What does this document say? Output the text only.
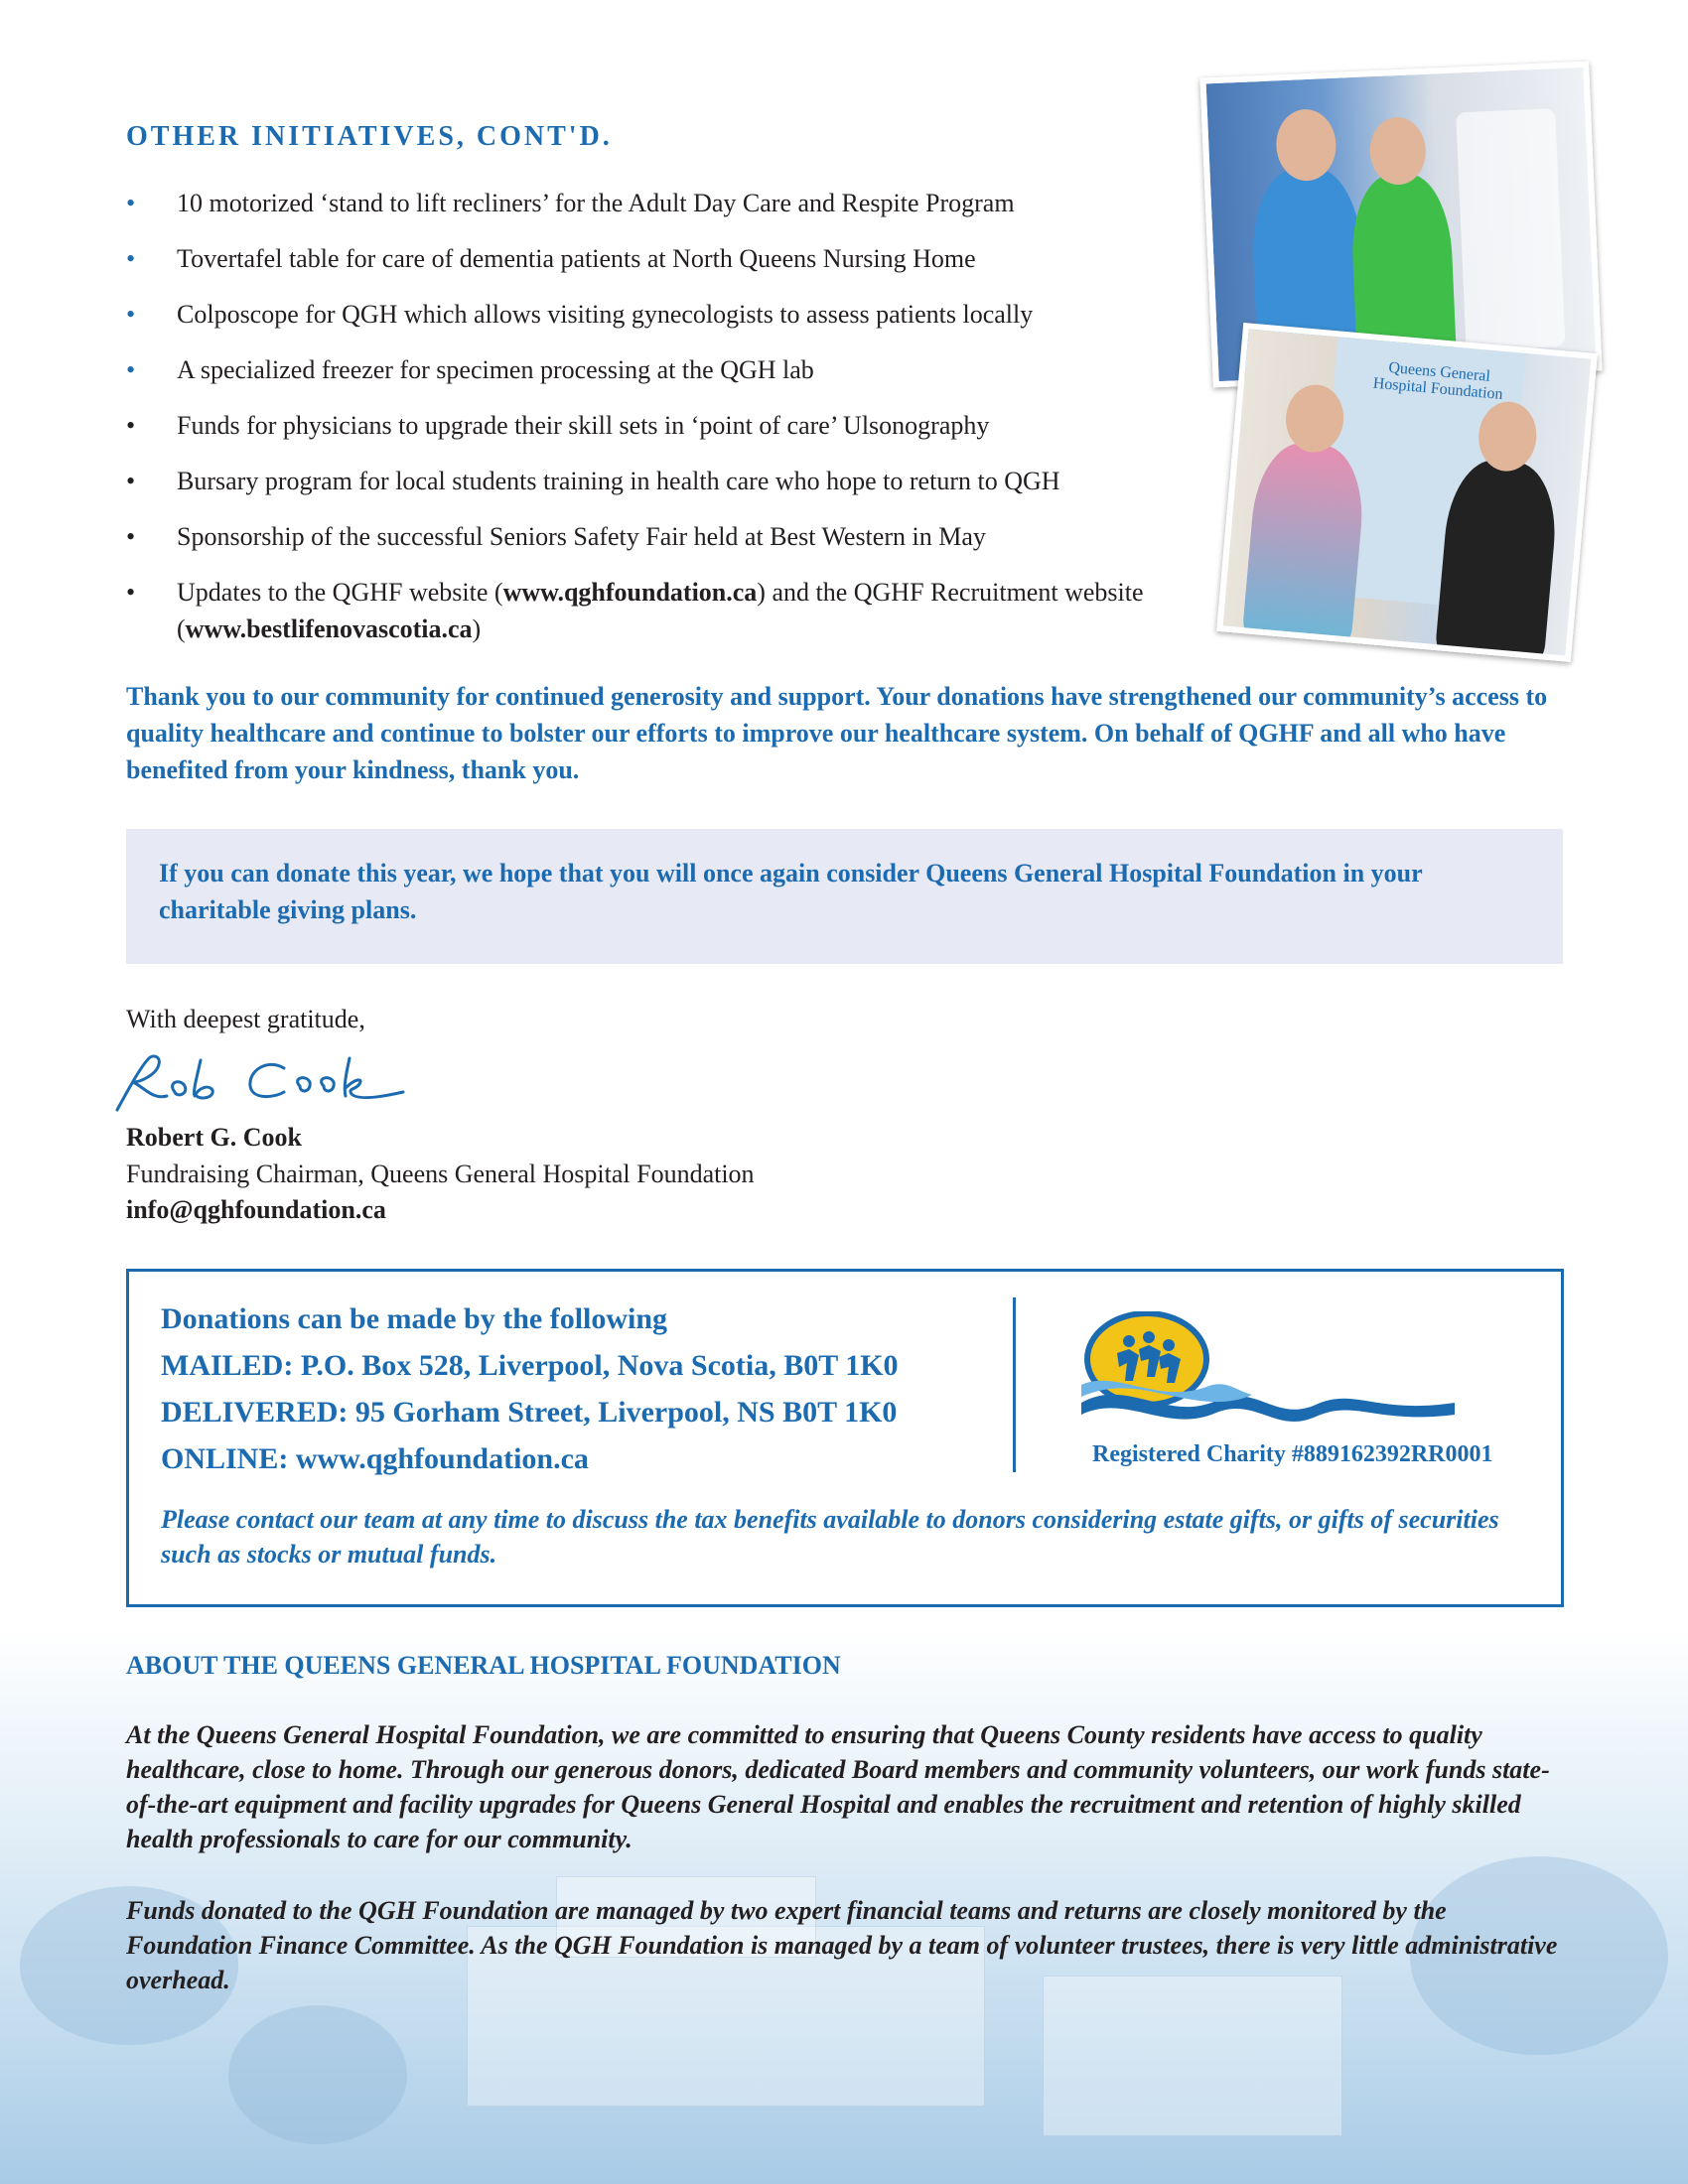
OTHER INITIATIVES, CONT'D.
• 10 motorized ‘stand to lift recliners’ for the Adult Day Care and Respite Program
• Tovertafel table for care of dementia patients at North Queens Nursing Home
• Colposcope for QGH which allows visiting gynecologists to assess patients locally
• A specialized freezer for specimen processing at the QGH lab
• Funds for physicians to upgrade their skill sets in ‘point of care’ Ulsonography
• Bursary program for local students training in health care who hope to return to QGH
• Sponsorship of the successful Seniors Safety Fair held at Best Western in May
• Updates to the QGHF website (www.qghfoundation.ca) and the QGHF Recruitment website (www.bestlifenovascotia.ca)
Queens General Hospital Foundation
Thank you to our community for continued generosity and support. Your donations have strengthened our community’s access to quality healthcare and continue to bolster our efforts to improve our healthcare system. On behalf of QGHF and all who have benefited from your kindness, thank you.

If you can donate this year, we hope that you will once again consider Queens General Hospital Foundation in your charitable giving plans.

With deepest gratitude,
Robert G. Cook
Fundraising Chairman, Queens General Hospital Foundation
info@qghfoundation.ca
Donations can be made by the following
MAILED: P.O. Box 528, Liverpool, Nova Scotia, B0T 1K0
DELIVERED: 95 Gorham Street, Liverpool, NS B0T 1K0
ONLINE: www.qghfoundation.ca	Registered Charity #889162392RR0001
Please contact our team at any time to discuss the tax benefits available to donors considering estate gifts, or gifts of securities such as stocks or mutual funds.
ABOUT THE QUEENS GENERAL HOSPITAL FOUNDATION

At the Queens General Hospital Foundation, we are committed to ensuring that Queens County residents have access to quality healthcare, close to home. Through our generous donors, dedicated Board members and community volunteers, our work funds state-of-the-art equipment and facility upgrades for Queens General Hospital and enables the recruitment and retention of highly skilled health professionals to care for our community.

Funds donated to the QGH Foundation are managed by two expert financial teams and returns are closely monitored by the Foundation Finance Committee. As the QGH Foundation is managed by a team of volunteer trustees, there is very little administrative overhead.
